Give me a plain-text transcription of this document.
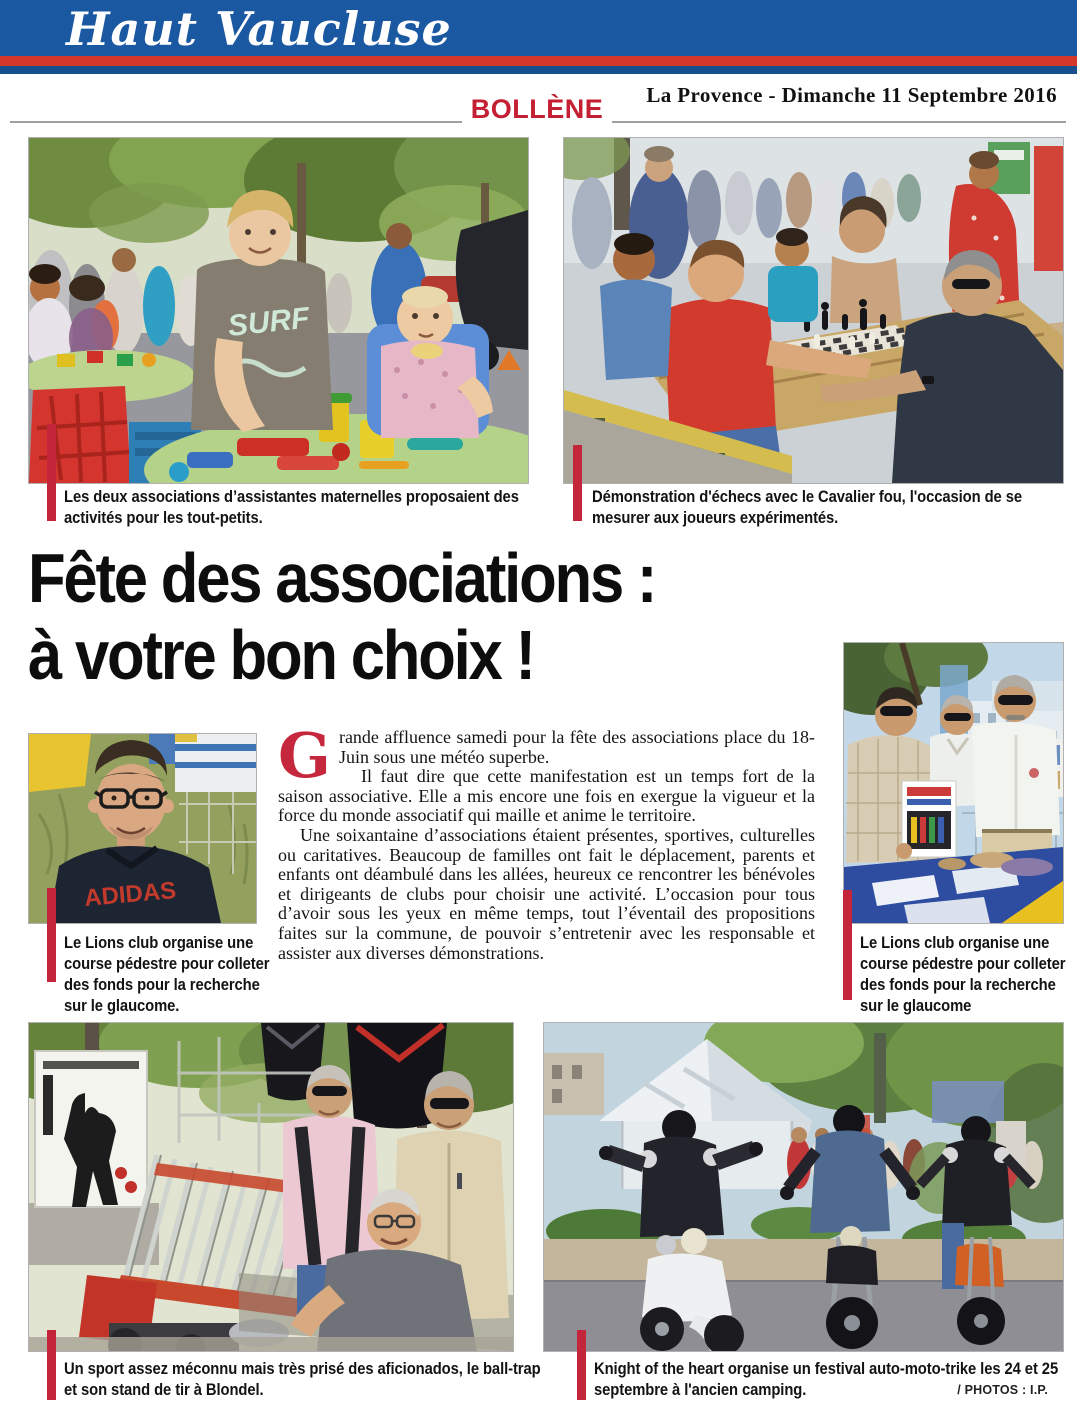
Haut Vaucluse
La Provence - Dimanche 11 Septembre 2016
BOLLÈNE
SURF
Les deux associations d’assistantes maternelles proposaient des activités pour les tout-petits.
Démonstration d'échecs avec le Cavalier fou, l'occasion de se mesurer aux joueurs expérimentés.
Fête des associations :
à votre bon choix !
ADIDAS
Le Lions club organise une course pédestre pour colleter des fonds pour la recherche sur le glaucome.

Grande affluence samedi pour la fête des associations place du 18-Juin sous une météo superbe.

Il faut dire que cette manifestation est un temps fort de la saison associative. Elle a mis encore une fois en exergue la vigueur et la force du monde associatif qui maille et anime le territoire.

Une soixantaine d’associations étaient présentes, sportives, culturelles ou caritatives. Beaucoup de familles ont fait le déplacement, parents et enfants ont déambulé dans les allées, heureux ce rencontrer les bénévoles et dirigeants de clubs pour choisir une activité. L’occasion pour tous d’avoir sous les yeux en même temps, tout l’éventail des propositions faites sur la commune, de pouvoir s’entretenir avec les responsable et assister aux diverses démonstrations.

Le Lions club organise une course pédestre pour colleter des fonds pour la recherche sur le glaucome
Un sport assez méconnu mais très prisé des aficionados, le ball-trap et son stand de tir à Blondel.
Knight of the heart organise un festival auto-moto-trike les 24 et 25 septembre à l'ancien camping.	/ PHOTOS : I.P.
